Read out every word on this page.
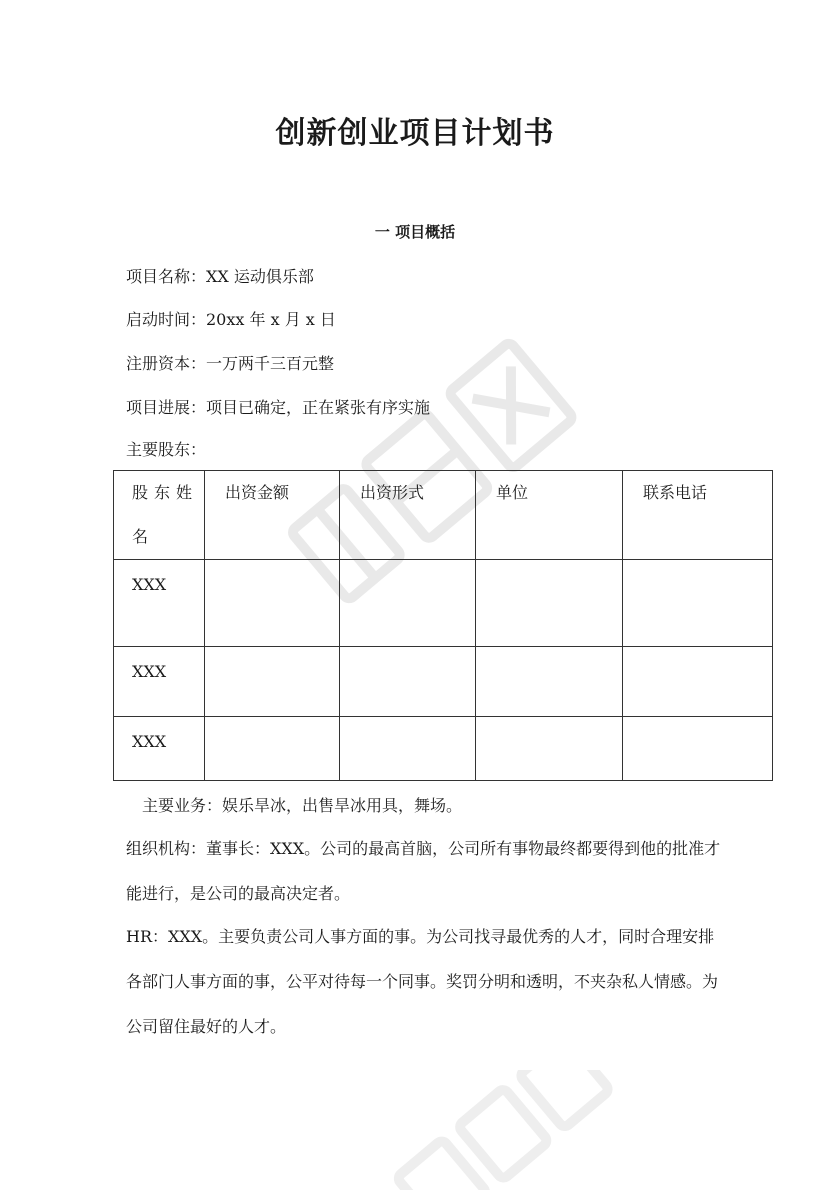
创新创业项目计划书
一 项目概括
项目名称：XX 运动俱乐部
启动时间：20xx 年 x 月 x 日
注册资本：一万两千三百元整
项目进展：项目已确定，正在紧张有序实施
主要股东：
股东姓名	出资金额	出资形式	单位	联系电话
XXX				
XXX				
XXX				
主要业务：娱乐旱冰，出售旱冰用具，舞场。
组织机构：董事长：XXX。公司的最高首脑，公司所有事物最终都要得到他的批准才能进行，是公司的最高决定者。
HR：XXX。主要负责公司人事方面的事。为公司找寻最优秀的人才，同时合理安排各部门人事方面的事，公平对待每一个同事。奖罚分明和透明，不夹杂私人情感。为公司留住最好的人才。
